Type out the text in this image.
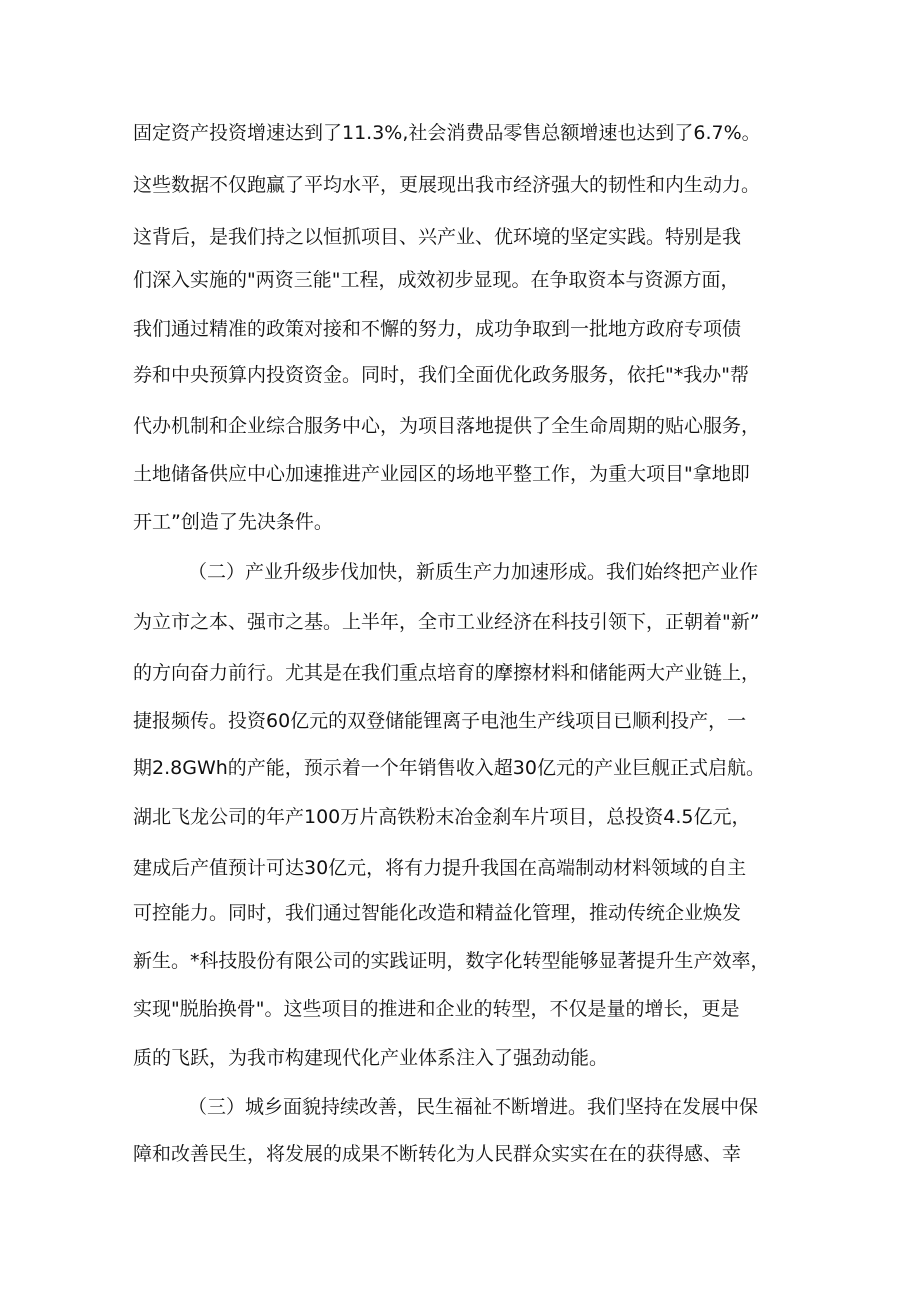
固定资产投资增速达到了11.3%,社会消费品零售总额增速也达到了6.7%。
这些数据不仅跑赢了平均水平，更展现出我市经济强大的韧性和内生动力。
这背后，是我们持之以恒抓项目、兴产业、优环境的坚定实践。特别是我
们深入实施的"两资三能"工程，成效初步显现。在争取资本与资源方面，
我们通过精准的政策对接和不懈的努力，成功争取到一批地方政府专项债
券和中央预算内投资资金。同时，我们全面优化政务服务，依托"*我办"帮
代办机制和企业综合服务中心，为项目落地提供了全生命周期的贴心服务，
土地储备供应中心加速推进产业园区的场地平整工作，为重大项目"拿地即
开工”创造了先决条件。
（二）产业升级步伐加快，新质生产力加速形成。我们始终把产业作
为立市之本、强市之基。上半年，全市工业经济在科技引领下，正朝着"新”
的方向奋力前行。尤其是在我们重点培育的摩擦材料和储能两大产业链上，
捷报频传。投资60亿元的双登储能锂离子电池生产线项目已顺利投产，一
期2.8GWh的产能，预示着一个年销售收入超30亿元的产业巨舰正式启航。
湖北飞龙公司的年产100万片高铁粉末冶金刹车片项目，总投资4.5亿元，
建成后产值预计可达30亿元，将有力提升我国在高端制动材料领域的自主
可控能力。同时，我们通过智能化改造和精益化管理，推动传统企业焕发
新生。*科技股份有限公司的实践证明，数字化转型能够显著提升生产效率，
实现"脱胎换骨"。这些项目的推进和企业的转型，不仅是量的增长，更是
质的飞跃，为我市构建现代化产业体系注入了强劲动能。
（三）城乡面貌持续改善，民生福祉不断增进。我们坚持在发展中保
障和改善民生，将发展的成果不断转化为人民群众实实在在的获得感、幸
